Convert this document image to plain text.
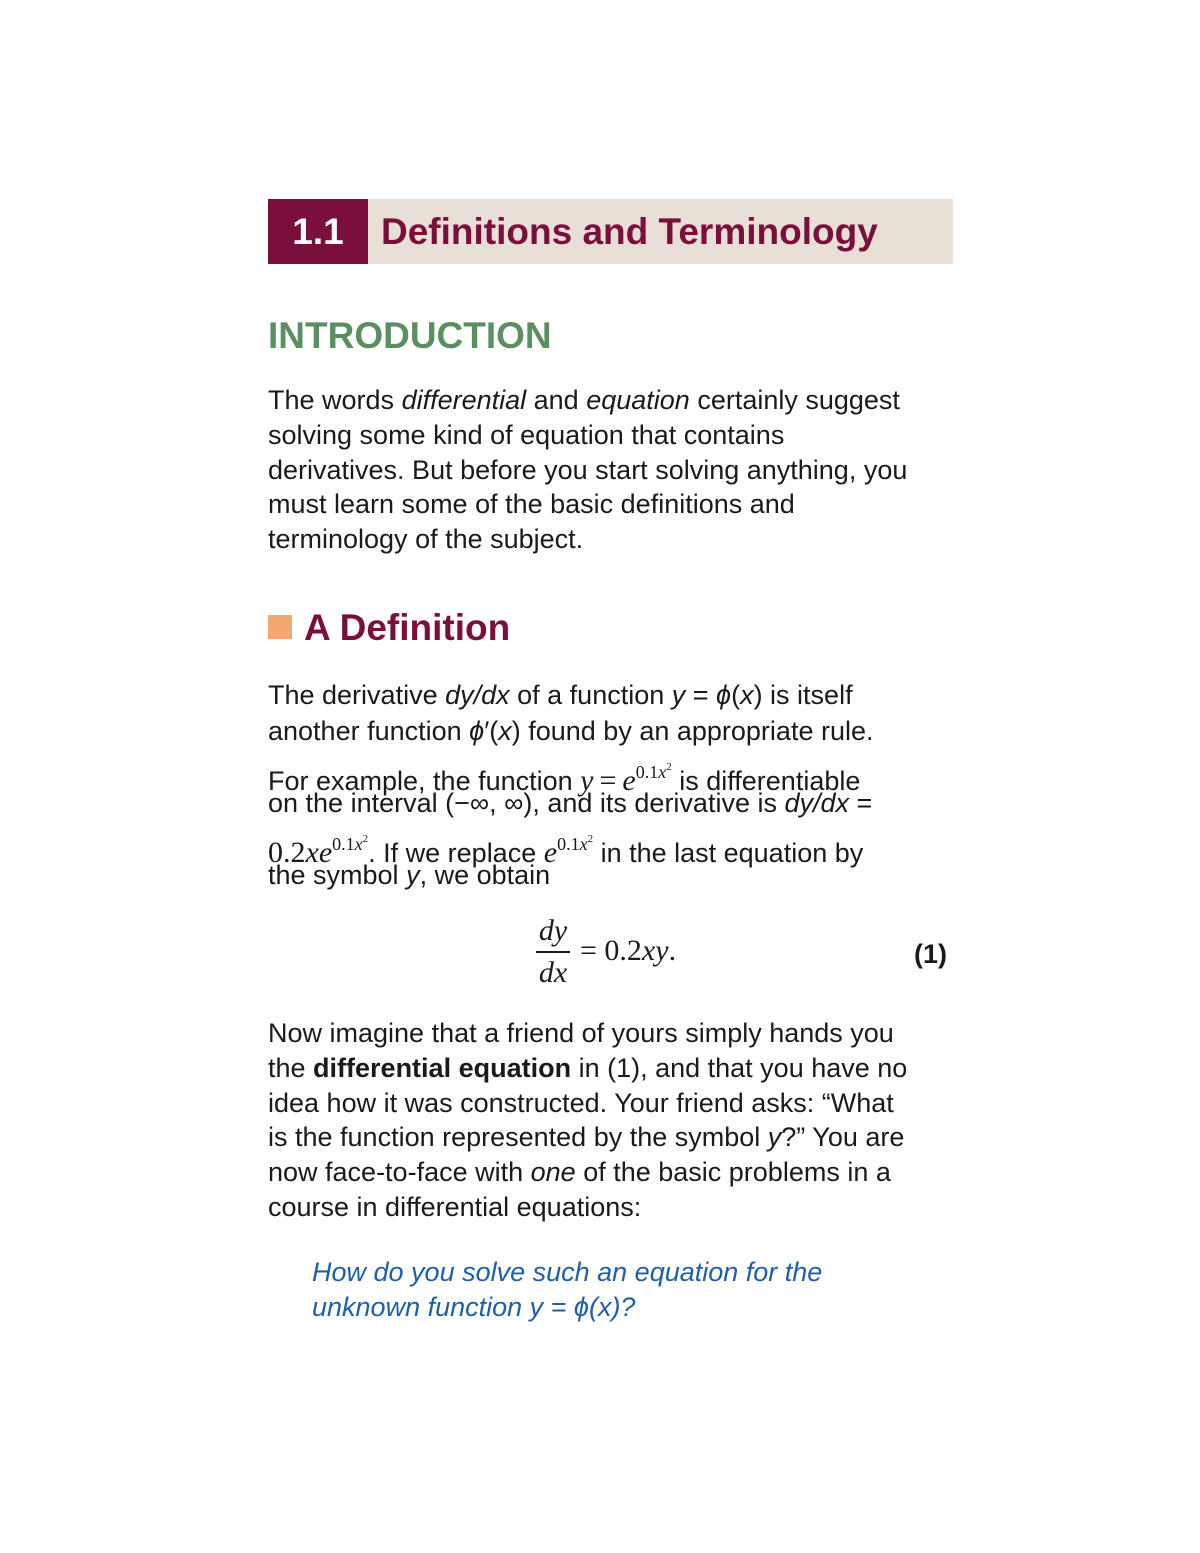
1.1	Definitions and Terminology
INTRODUCTION
The words differential and equation certainly suggest
solving some kind of equation that contains
derivatives. But before you start solving anything, you
must learn some of the basic definitions and
terminology of the subject.
A Definition
The derivative dy/dx of a function y = ϕ(x) is itself
another function ϕ′(x) found by an appropriate rule.
For example, the function $y = e^{0.1x^2}$ is differentiable
on the interval (−∞, ∞), and its derivative is dy/dx =
$0.2xe^{0.1x^2}$. If we replace $e^{0.1x^2}$ in the last equation by
the symbol y, we obtain
dy
dx
= 0.2xy.	(1)
Now imagine that a friend of yours simply hands you
the differential equation in (1), and that you have no
idea how it was constructed. Your friend asks: “What
is the function represented by the symbol y?” You are
now face-to-face with one of the basic problems in a
course in differential equations:
How do you solve such an equation for the
unknown function y = ϕ(x)?
